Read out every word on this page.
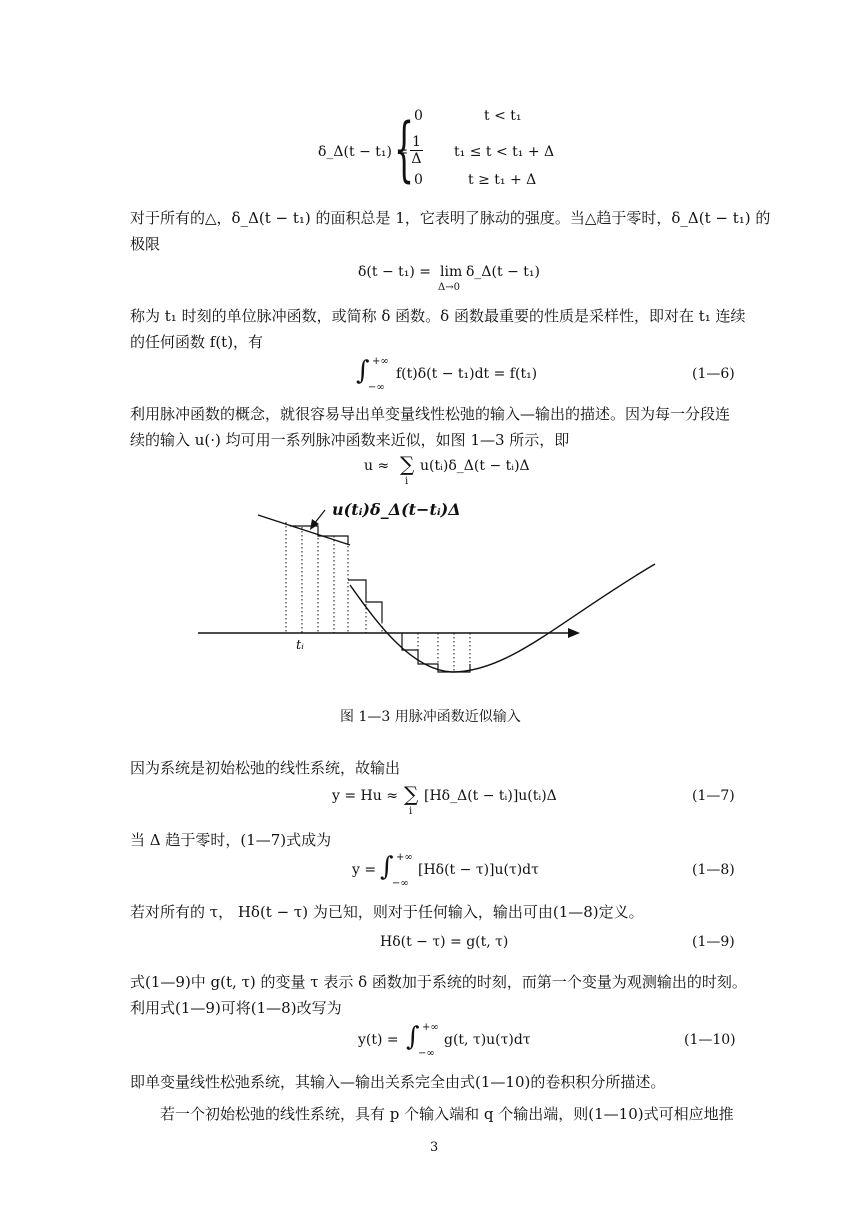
δ_Δ(t − t₁) =
{ 0	t < t₁
$\frac{1}{\Delta} t_1 \le t < t_1 + \Delta$
0	t ≥ t₁ + Δ
对于所有的△，δ_Δ(t − t₁) 的面积总是 1，它表明了脉动的强度。当△趋于零时，δ_Δ(t − t₁) 的
极限
δ(t − t₁) = lim
Δ→0
δ_Δ(t − t₁)
称为 t₁ 时刻的单位脉冲函数，或简称 δ 函数。δ 函数最重要的性质是采样性，即对在 t₁ 连续
的任何函数 f(t)，有
∫ +∞
−∞
f(t)δ(t − t₁)dt = f(t₁)	(1—6)
利用脉冲函数的概念，就很容易导出单变量线性松弛的输入—输出的描述。因为每一分段连
续的输入 u(·) 均可用一系列脉冲函数来近似，如图 1—3 所示，即
u ≈ ∑
i
u(tᵢ)δ_Δ(t − tᵢ)Δ
u(tᵢ)δ_Δ(t−tᵢ)Δ
tᵢ
图 1—3 用脉冲函数近似输入
因为系统是初始松弛的线性系统，故输出
y = Hu ≈ ∑
i
[Hδ_Δ(t − tᵢ)]u(tᵢ)Δ	(1—7)
当 Δ 趋于零时，(1—7)式成为
y = ∫ +∞
−∞
[Hδ(t − τ)]u(τ)dτ	(1—8)
若对所有的 τ， Hδ(t − τ) 为已知，则对于任何输入，输出可由(1—8)定义。
Hδ(t − τ) = g(t, τ)	(1—9)
式(1—9)中 g(t, τ) 的变量 τ 表示 δ 函数加于系统的时刻，而第一个变量为观测输出的时刻。
利用式(1—9)可将(1—8)改写为
y(t) = ∫ +∞
−∞
g(t, τ)u(τ)dτ	(1—10)
即单变量线性松弛系统，其输入—输出关系完全由式(1—10)的卷积积分所描述。
若一个初始松弛的线性系统，具有 p 个输入端和 q 个输出端，则(1—10)式可相应地推
3
